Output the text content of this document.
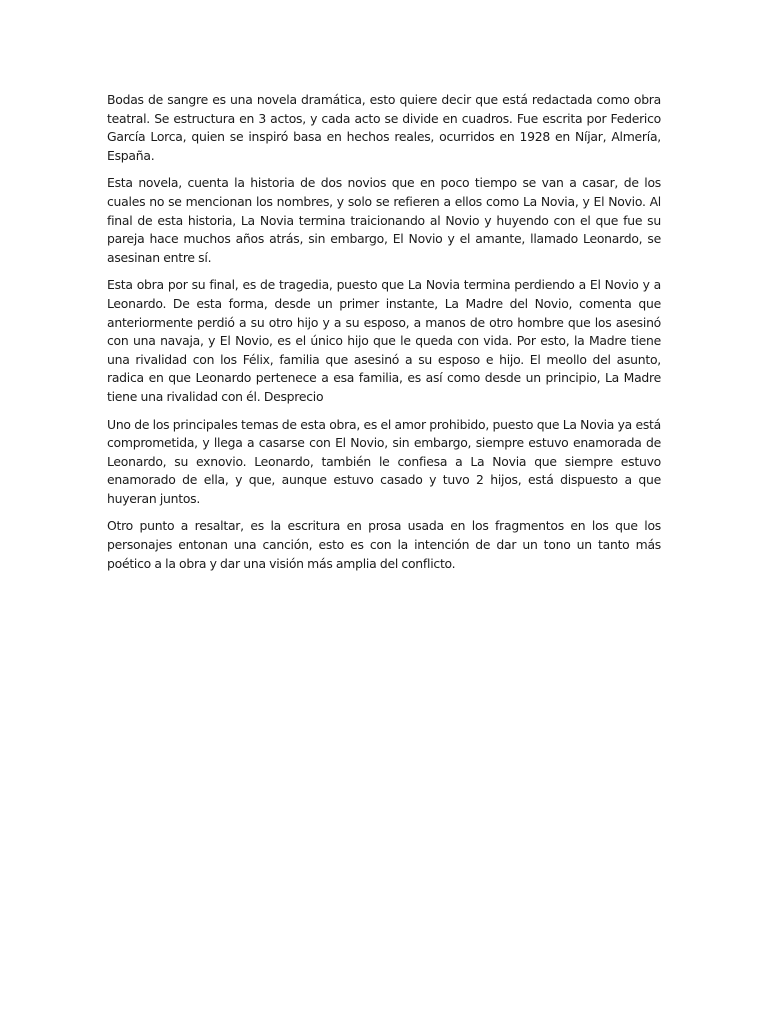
Bodas de sangre es una novela dramática, esto quiere decir que está redactada como obra teatral. Se estructura en 3 actos, y cada acto se divide en cuadros. Fue escrita por Federico García Lorca, quien se inspiró basa en hechos reales, ocurridos en 1928 en Níjar, Almería, España.

Esta novela, cuenta la historia de dos novios que en poco tiempo se van a casar, de los cuales no se mencionan los nombres, y solo se refieren a ellos como La Novia, y El Novio. Al final de esta historia, La Novia termina traicionando al Novio y huyendo con el que fue su pareja hace muchos años atrás, sin embargo, El Novio y el amante, llamado Leonardo, se asesinan entre sí.

Esta obra por su final, es de tragedia, puesto que La Novia termina perdiendo a El Novio y a Leonardo. De esta forma, desde un primer instante, La Madre del Novio, comenta que anteriormente perdió a su otro hijo y a su esposo, a manos de otro hombre que los asesinó con una navaja, y El Novio, es el único hijo que le queda con vida. Por esto, la Madre tiene una rivalidad con los Félix, familia que asesinó a su esposo e hijo. El meollo del asunto, radica en que Leonardo pertenece a esa familia, es así como desde un principio, La Madre tiene una rivalidad con él. Desprecio

Uno de los principales temas de esta obra, es el amor prohibido, puesto que La Novia ya está comprometida, y llega a casarse con El Novio, sin embargo, siempre estuvo enamorada de Leonardo, su exnovio. Leonardo, también le confiesa a La Novia que siempre estuvo enamorado de ella, y que, aunque estuvo casado y tuvo 2 hijos, está dispuesto a que huyeran juntos.

Otro punto a resaltar, es la escritura en prosa usada en los fragmentos en los que los personajes entonan una canción, esto es con la intención de dar un tono un tanto más poético a la obra y dar una visión más amplia del conflicto.
